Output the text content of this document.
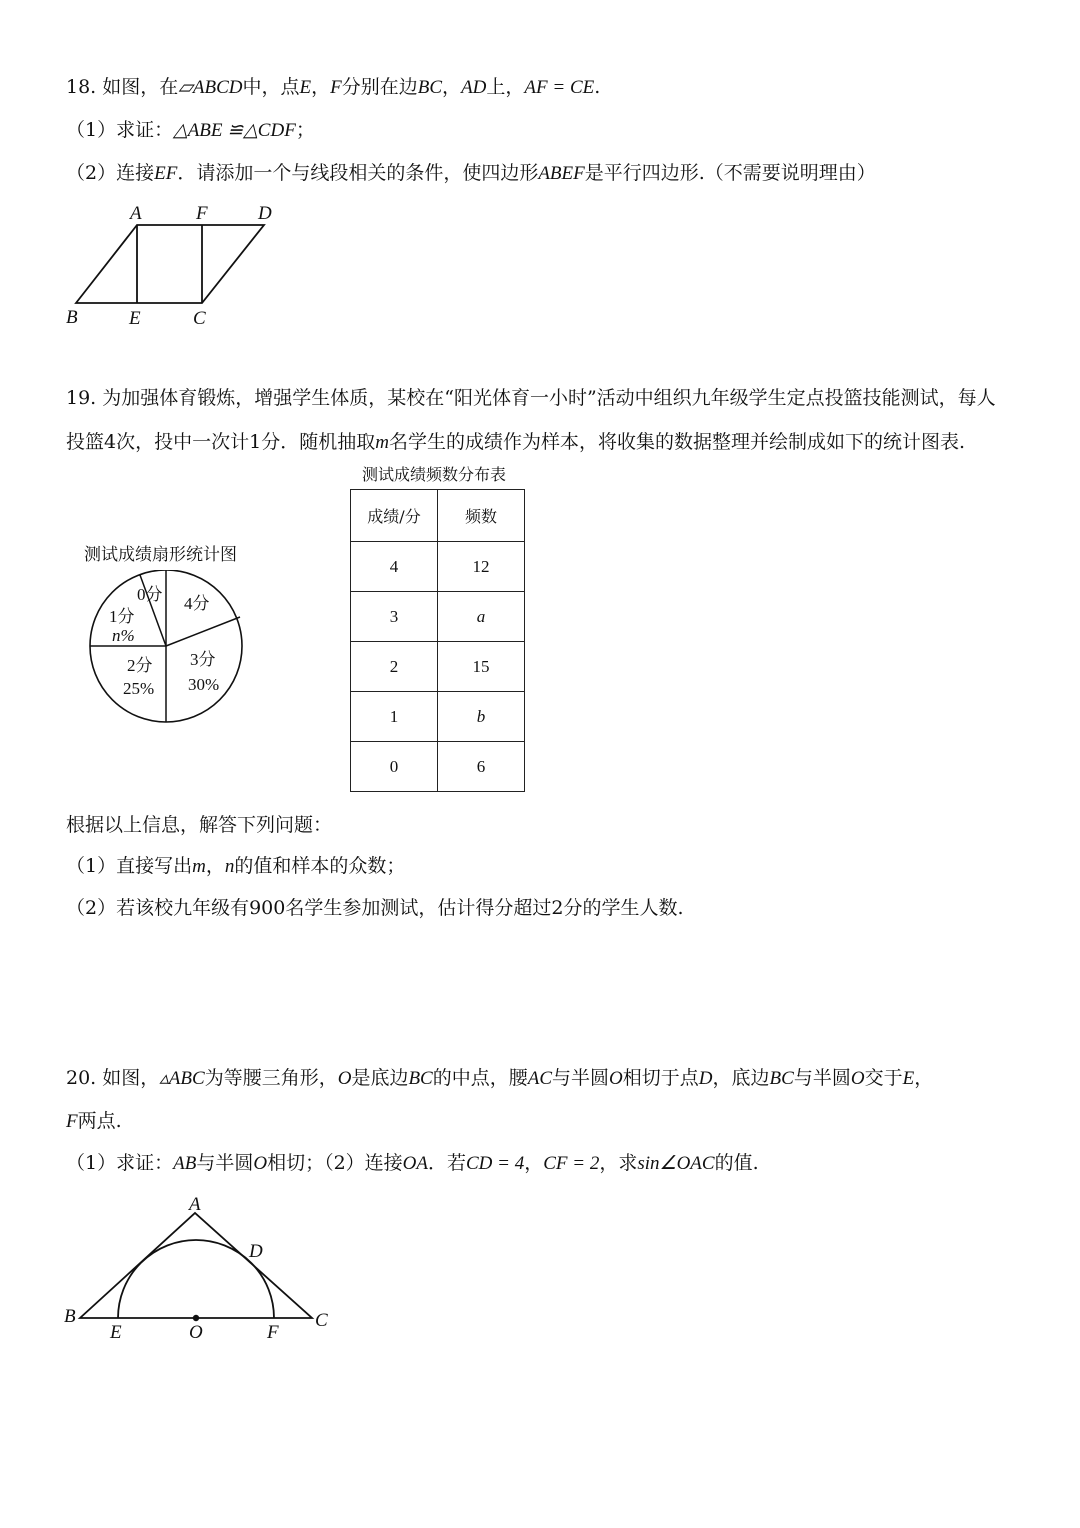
18. 如图，在▱ABCD中，点E，F分别在边BC，AD上，AF = CE.
（1）求证：△ABE ≌△CDF；
（2）连接EF．请添加一个与线段相关的条件，使四边形ABEF是平行四边形.（不需要说明理由）
A	F	D
B	E	C
19. 为加强体育锻炼，增强学生体质，某校在“阳光体育一小时”活动中组织九年级学生定点投篮技能测试，每人
投篮4次，投中一次计1分．随机抽取m名学生的成绩作为样本，将收集的数据整理并绘制成如下的统计图表.
测试成绩频数分布表
测试成绩扇形统计图
0分 4分
1分
n%
2分
25%
3分
30%
成绩/分	频数
4	12
3	a
2	15
1	b
0	6
根据以上信息，解答下列问题：
（1）直接写出m，n的值和样本的众数；
（2）若该校九年级有900名学生参加测试，估计得分超过2分的学生人数.
20. 如图，▵ABC为等腰三角形，O是底边BC的中点，腰AC与半圆O相切于点D，底边BC与半圆O交于E，
F两点.
（1）求证：AB与半圆O相切；（2）连接OA．若CD = 4，CF = 2，求sin∠OAC的值.
A
D
B
E	O	F
C
